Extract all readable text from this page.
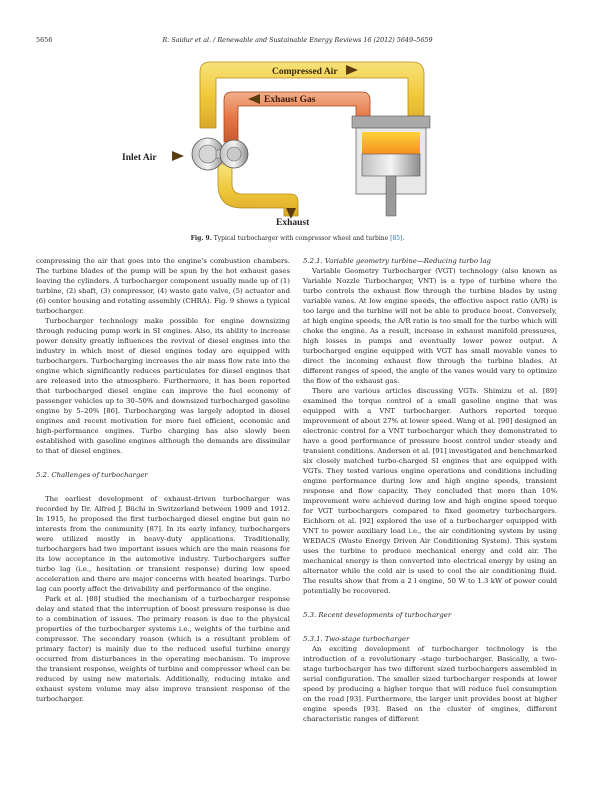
5656	R. Saidur et al. / Renewable and Sustainable Energy Reviews 16 (2012) 5649–5659
Compressed Air
Exhaust Gas
Inlet Air
Exhaust
Fig. 9. Typical turbocharger with compressor wheel and turbine [85].

compressing the air that goes into the engine's combustion chambers. The turbine blades of the pump will be spun by the hot exhaust gases leaving the cylinders. A turbocharger component usually made up of (1) turbine, (2) shaft, (3) compressor, (4) waste gate valve, (5) actuator and (6) center housing and rotating assembly (CHRA). Fig. 9 shows a typical turbocharger.

Turbocharger technology make possible for engine downsizing through reducing pump work in SI engines. Also, its ability to increase power density greatly influences the revival of diesel engines into the industry in which most of diesel engines today are equipped with turbochargers. Turbocharging increases the air mass flow rate into the engine which significantly reduces particulates for diesel engines that are released into the atmosphere. Furthermore, it has been reported that turbocharged diesel engine can improve the fuel economy of passenger vehicles up to 30–50% and downsized turbocharged gasoline engine by 5–20% [86]. Turbocharging was largely adopted in diesel engines and recent motivation for more fuel efficient, economic and high-performance engines. Turbo charging has also slowly been established with gasoline engines although the demands are dissimilar to that of diesel engines.

5.2. Challenges of turbocharger

The earliest development of exhaust-driven turbocharger was recorded by Dr. Alfred J. Büchi in Switzerland between 1909 and 1912. In 1915, he proposed the first turbocharged diesel engine but gain no interests from the community [87]. In its early infancy, turbochargers were utilized mostly in heavy-duty applications. Traditionally, turbochargers had two important issues which are the main reasons for its low acceptance in the automotive industry. Turbochargers suffer turbo lag (i.e., hesitation or transient response) during low speed acceleration and there are major concerns with heated bearings. Turbo lag can poorly affect the drivability and performance of the engine.

Park et al. [88] studied the mechanism of a turbocharger response delay and stated that the interruption of boost pressure response is due to a combination of issues. The primary reason is due to the physical properties of the turbocharger systems i.e., weights of the turbine and compressor. The secondary reason (which is a resultant problem of primary factor) is mainly due to the reduced useful turbine energy occurred from disturbances in the operating mechanism. To improve the transient response, weights of turbine and compressor wheel can be reduced by using new materials. Additionally, reducing intake and exhaust system volume may also improve transient response of the turbocharger.

5.2.1. Variable geometry turbine—Reducing turbo lag

Variable Geometry Turbocharger (VGT) technology (also known as Variable Nozzle Turbocharger, VNT) is a type of turbine where the turbo controls the exhaust flow through the turbine blades by using variable vanes. At low engine speeds, the effective aspect ratio (A/R) is too large and the turbine will not be able to produce boost. Conversely, at high engine speeds, the A/R ratio is too small for the turbo which will choke the engine. As a result, increase in exhaust manifold pressures, high losses in pumps and eventually lower power output. A turbocharged engine equipped with VGT has small movable vanes to direct the incoming exhaust flow through the turbine blades. At different ranges of speed, the angle of the vanes would vary to optimize the flow of the exhaust gas.

There are various articles discussing VGTs. Shimizu et al. [89] examined the torque control of a small gasoline engine that was equipped with a VNT turbocharger. Authors reported torque improvement of about 27% at lower speed. Wang et al. [90] designed an electronic control for a VNT turbocharger which they demonstrated to have a good performance of pressure boost control under steady and transient conditions. Andersen et al. [91] investigated and benchmarked six closely matched turbo-charged SI engines that are equipped with VGTs. They tested various engine operations and conditions including engine performance during low and high engine speeds, transient response and flow capacity. They concluded that more than 10% improvement were achieved during low and high engine speed torque for VGT turbochargers compared to fixed geometry turbochargers. Eichhorn et al. [92] explored the use of a turbocharger equipped with VNT to power auxiliary load i.e., the air conditioning system by using WEDACS (Waste Energy Driven Air Conditioning System). This system uses the turbine to produce mechanical energy and cold air. The mechanical energy is then converted into electrical energy by using an alternator while the cold air is used to cool the air conditioning fluid. The results show that from a 2 l engine, 50 W to 1.3 kW of power could potentially be recovered.

5.3. Recent developments of turbocharger

5.3.1. Two-stage turbocharger

An exciting development of turbocharger technology is the introduction of a revolutionary -stage turbocharger. Basically, a two-stage turbocharger has two different sized turbochargers assembled in serial configuration. The smaller sized turbocharger responds at lower speed by producing a higher torque that will reduce fuel consumption on the road [93]. Furthermore, the larger unit provides boost at higher engine speeds [93]. Based on the cluster of engines, different characteristic ranges of different
